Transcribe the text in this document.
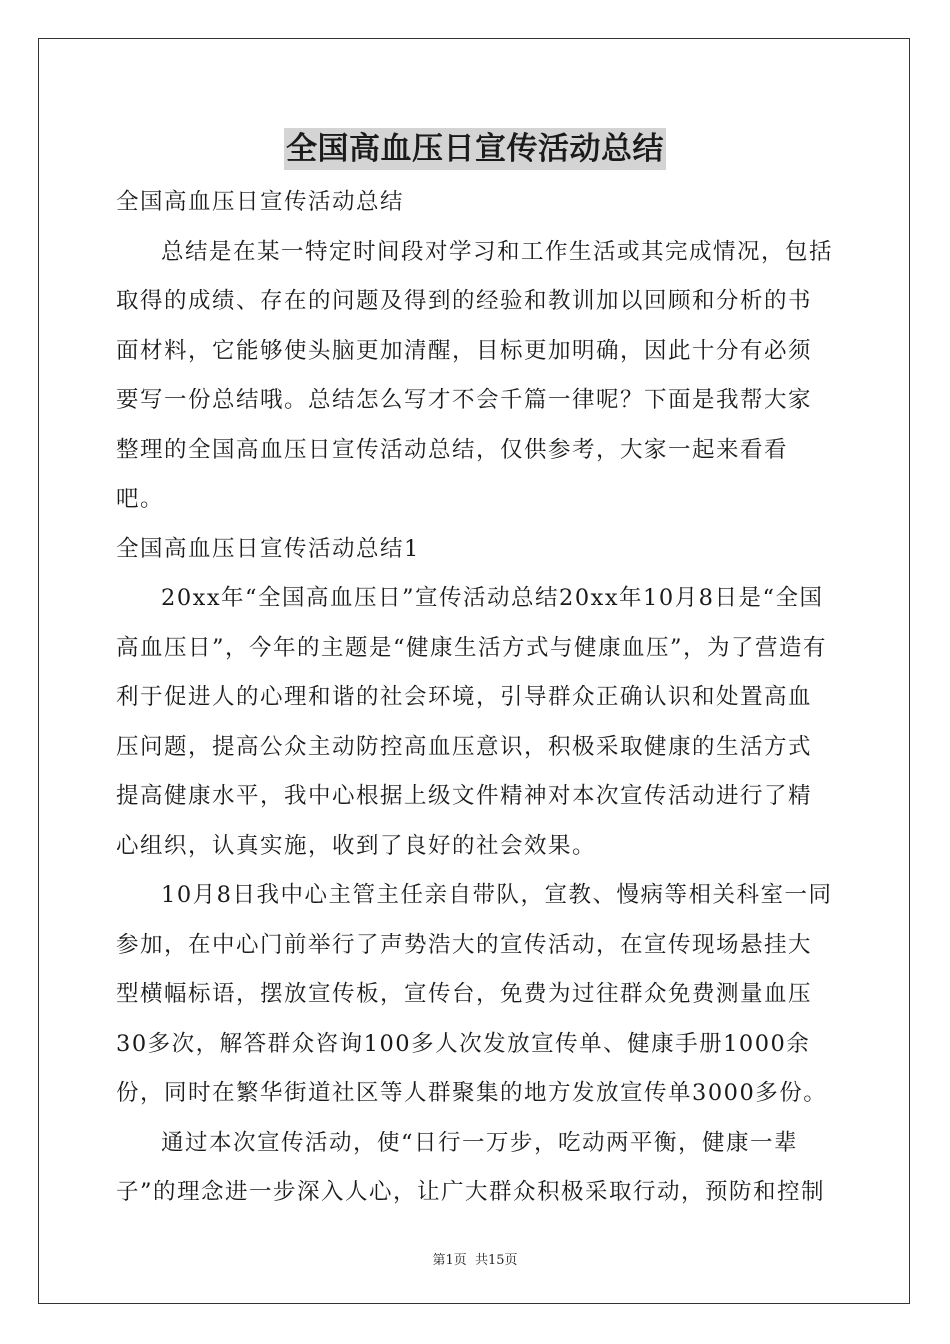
全国高血压日宣传活动总结

全国高血压日宣传活动总结

总结是在某一特定时间段对学习和工作生活或其完成情况，包括取得的成绩、存在的问题及得到的经验和教训加以回顾和分析的书面材料，它能够使头脑更加清醒，目标更加明确，因此十分有必须要写一份总结哦。总结怎么写才不会千篇一律呢？下面是我帮大家整理的全国高血压日宣传活动总结，仅供参考，大家一起来看看吧。

全国高血压日宣传活动总结1

20xx年“全国高血压日”宣传活动总结20xx年10月8日是“全国高血压日”，今年的主题是“健康生活方式与健康血压”，为了营造有利于促进人的心理和谐的社会环境，引导群众正确认识和处置高血压问题，提高公众主动防控高血压意识，积极采取健康的生活方式提高健康水平，我中心根据上级文件精神对本次宣传活动进行了精心组织，认真实施，收到了良好的社会效果。

10月8日我中心主管主任亲自带队，宣教、慢病等相关科室一同参加，在中心门前举行了声势浩大的宣传活动，在宣传现场悬挂大型横幅标语，摆放宣传板，宣传台，免费为过往群众免费测量血压30多次，解答群众咨询100多人次发放宣传单、健康手册1000余份，同时在繁华街道社区等人群聚集的地方发放宣传单3000多份。

通过本次宣传活动，使“日行一万步，吃动两平衡，健康一辈子”的理念进一步深入人心，让广大群众积极采取行动，预防和控制

第1页 共15页
